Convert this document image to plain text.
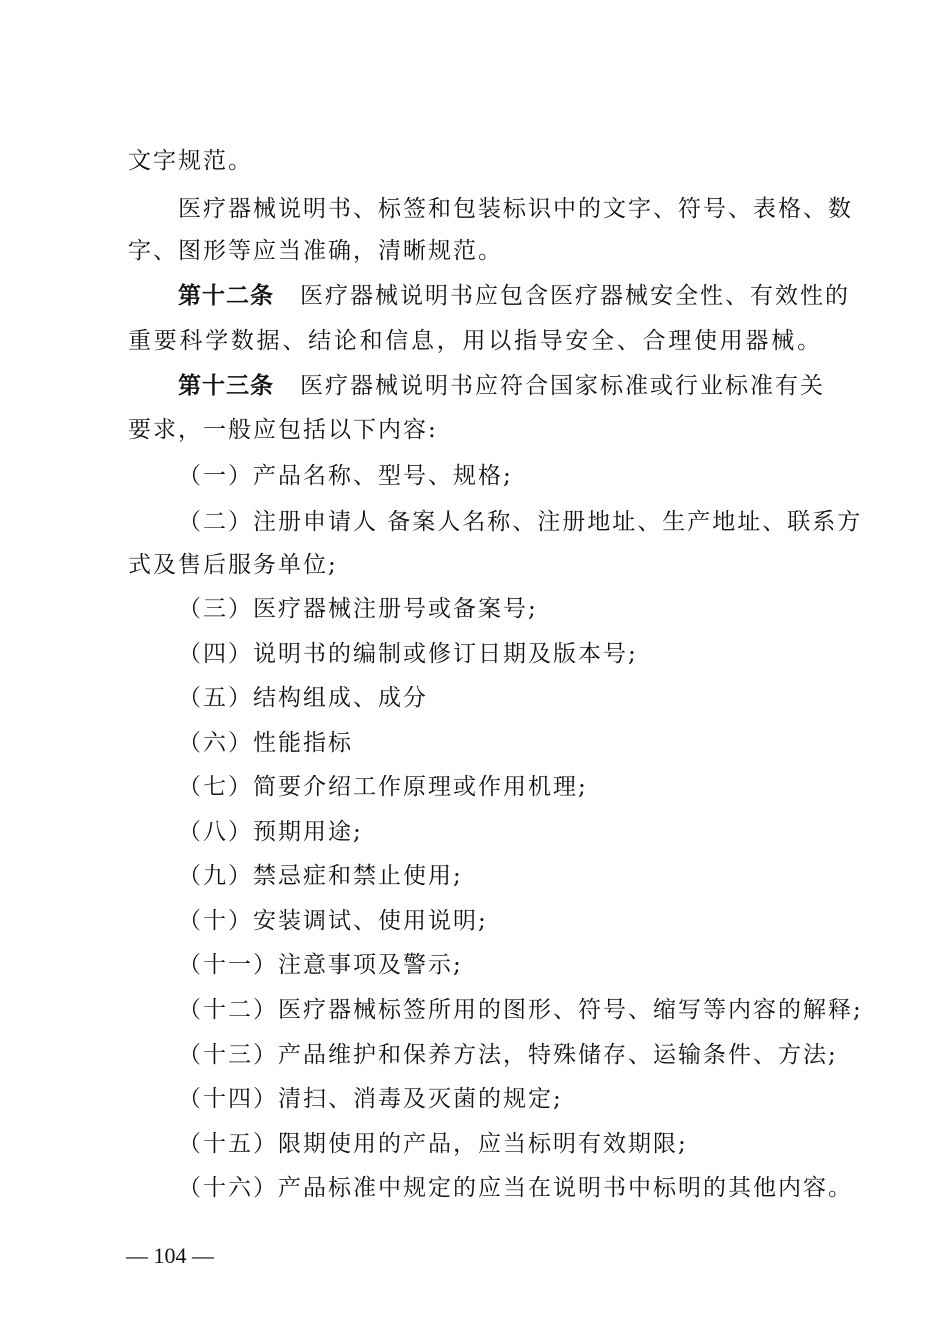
文字规范。
医疗器械说明书、标签和包装标识中的文字、符号、表格、数
字、图形等应当准确，清晰规范。
第十二条 医疗器械说明书应包含医疗器械安全性、有效性的
重要科学数据、结论和信息，用以指导安全、合理使用器械。
第十三条 医疗器械说明书应符合国家标准或行业标准有关
要求，一般应包括以下内容:
（一）产品名称、型号、规格;
（二）注册申请人 备案人名称、注册地址、生产地址、联系方
式及售后服务单位;
（三）医疗器械注册号或备案号;
（四）说明书的编制或修订日期及版本号;
（五）结构组成、成分
（六）性能指标
（七）简要介绍工作原理或作用机理;
（八）预期用途;
（九）禁忌症和禁止使用;
（十）安装调试、使用说明;
（十一）注意事项及警示;
（十二）医疗器械标签所用的图形、符号、缩写等内容的解释;
（十三）产品维护和保养方法，特殊储存、运输条件、方法;
（十四）清扫、消毒及灭菌的规定;
（十五）限期使用的产品，应当标明有效期限;
（十六）产品标准中规定的应当在说明书中标明的其他内容。
— 104 —
